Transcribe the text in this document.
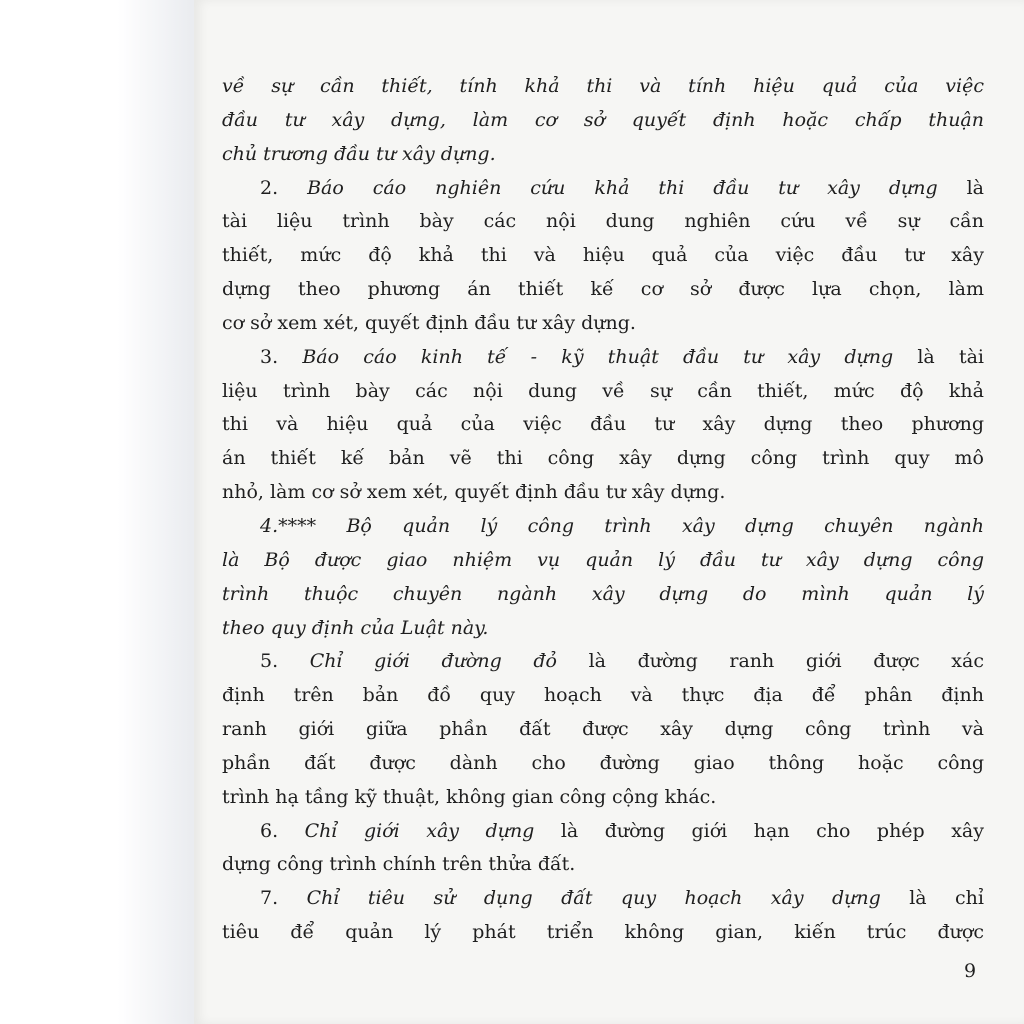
về sự cần thiết, tính khả thi và tính hiệu quả của việc
đầu tư xây dựng, làm cơ sở quyết định hoặc chấp thuận
chủ trương đầu tư xây dựng.
2. Báo cáo nghiên cứu khả thi đầu tư xây dựng là
tài liệu trình bày các nội dung nghiên cứu về sự cần
thiết, mức độ khả thi và hiệu quả của việc đầu tư xây
dựng theo phương án thiết kế cơ sở được lựa chọn, làm
cơ sở xem xét, quyết định đầu tư xây dựng.
3. Báo cáo kinh tế - kỹ thuật đầu tư xây dựng là tài
liệu trình bày các nội dung về sự cần thiết, mức độ khả
thi và hiệu quả của việc đầu tư xây dựng theo phương
án thiết kế bản vẽ thi công xây dựng công trình quy mô
nhỏ, làm cơ sở xem xét, quyết định đầu tư xây dựng.
4.**** Bộ quản lý công trình xây dựng chuyên ngành
là Bộ được giao nhiệm vụ quản lý đầu tư xây dựng công
trình thuộc chuyên ngành xây dựng do mình quản lý
theo quy định của Luật này.
5. Chỉ giới đường đỏ là đường ranh giới được xác
định trên bản đồ quy hoạch và thực địa để phân định
ranh giới giữa phần đất được xây dựng công trình và
phần đất được dành cho đường giao thông hoặc công
trình hạ tầng kỹ thuật, không gian công cộng khác.
6. Chỉ giới xây dựng là đường giới hạn cho phép xây
dựng công trình chính trên thửa đất.
7. Chỉ tiêu sử dụng đất quy hoạch xây dựng là chỉ
tiêu để quản lý phát triển không gian, kiến trúc được
9
